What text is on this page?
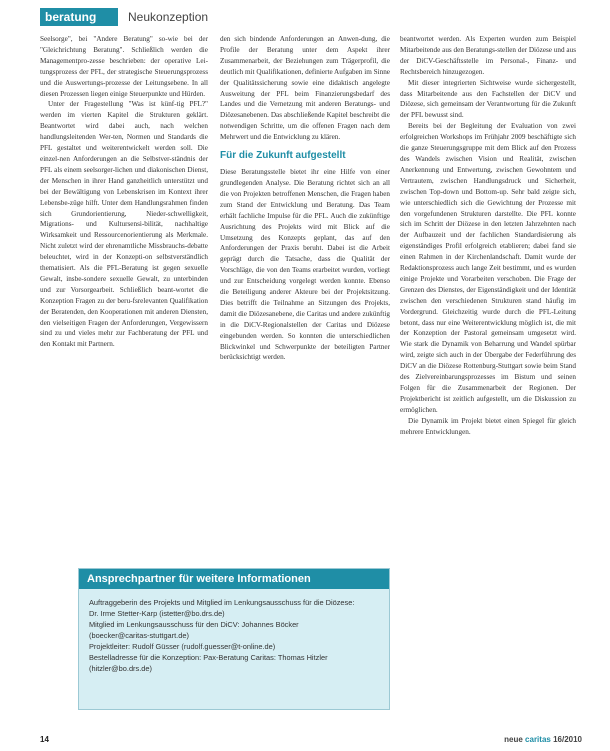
beratung	Neukonzeption

Seelsorge", bei "Andere Beratung" so-wie bei der "Gleichrichtung Beratung". Schließlich werden die Managementpro-zesse beschrieben: der operative Lei-tungsprozess der PFL, der strategische Steuerungsprozess und die Auswertungs-prozesse der Leitungsebene. In all diesen Prozessen liegen einige Steuerpunkte und Hürden.

Unter der Fragestellung "Was ist künf-tig PFL?" werden im vierten Kapitel die Strukturen geklärt. Beantwortet wird dabei auch, nach welchen handlungsleitenden Wer-ten, Normen und Standards die PFL gestaltet und weiterentwickelt werden soll. Die einzel-nen Anforderungen an die Selbstver-ständnis der PFL als einem seelsorger-lichen und diakonischen Dienst, der Menschen in ihrer Hand ganzheitlich unterstützt und bei der Bewältigung von Lebenskrisen im Kontext ihrer Lebensbe-züge hilft. Unter dem Handlungsrahmen finden sich Grundorientierung, Nieder-schwelligkeit, Migrations- und Kultursensi-bilität, nachhaltige Wirksamkeit und Ressourcenorientierung als Merkmale. Nicht zuletzt wird der ehrenamtliche Missbrauchs-debatte beleuchtet, wird in der Konzepti-on selbstverständlich thematisiert. Als die PFL-Beratung ist gegen sexuelle Gewalt, insbe-sondere sexuelle Gewalt, zu unterbinden und zur Vorsorgearbeit. Schließlich beant-wortet die Konzeption Fragen zu der beru-fsrelevanten Qualifikation der Beratenden, den Kooperationen mit anderen Diensten, den vielseitigen Fragen der Anforderungen, Vergewissern sind zu und vieles mehr zur Fachberatung der PFL und den Kontakt mit Partnern.

den sich bindende Anforderungen an Anwen-dung, die Profile der Beratung unter dem Aspekt ihrer Zusammenarbeit, der Beziehungen zum Trägerprofil, die deutlich mit Qualifikationen, definierte Aufgaben im Sinne der Qualitätssicherung sowie eine didaktisch angelegte Ausweitung der PFL beim Finanzierungsbedarf des Landes und die Vernetzung mit anderen Beratungs- und Diözesanebenen. Das abschließende Kapitel beschreibt die notwendigen Schritte, um die offenen Fragen nach dem Mehrwert und die Entwicklung zu klären.

Für die Zukunft aufgestellt

Diese Beratungsstelle bietet ihr eine Hilfe von einer grundlegenden Analyse. Die Beratung richtet sich an all die von Projekten betroffenen Menschen, die Fragen haben zum Stand der Entwicklung und Beratung. Das Team erhält fachliche Impulse für die PFL. Auch die zukünftige Ausrichtung des Projekts wird mit Blick auf die Umsetzung des Konzepts geplant, das auf den Anforderungen der Praxis beruht. Dabei ist die Arbeit geprägt durch die Tatsache, dass die Qualität der Vorschläge, die von den Teams erarbeitet wurden, vorliegt und zur Entscheidung vorgelegt werden konnte. Ebenso die Beteiligung anderer Akteure bei der Projektsitzung. Dies betrifft die Teilnahme an Sitzungen des Projekts, damit die Diözesanebene, die Caritas und andere zukünftig in die DiCV-Regionalstellen der Caritas und Diözese eingebunden werden. So konnten die unterschiedlichen Blickwinkel und Schwerpunkte der beteiligten Partner berücksichtigt werden.

beantwortet werden. Als Experten wurden zum Beispiel Mitarbeitende aus den Beratungs-stellen der Diözese und aus der DiCV-Geschäftsstelle im Personal-, Finanz- und Rechtsbereich hinzugezogen.

Mit dieser integrierten Sichtweise wurde sichergestellt, dass Mitarbeitende aus den Fachstellen der DiCV und Diözese, sich gemeinsam der Verantwortung für die Zukunft der PFL bewusst sind.

Bereits bei der Begleitung der Evaluation von zwei erfolgreichen Workshops im Frühjahr 2009 beschäftigte sich die ganze Steuerungsgruppe mit dem Blick auf den Prozess des Wandels zwischen Vision und Realität, zwischen Anerkennung und Entwertung, zwischen Gewohntem und Vertrautem, zwischen Handlungsdruck und Sicherheit, zwischen Top-down und Bottom-up. Sehr bald zeigte sich, wie unterschiedlich sich die Gewichtung der Prozesse mit den vorgefundenen Strukturen darstellte. Die PFL konnte sich im Schritt der Diözese in den letzten Jahrzehnten nach der Aufbauzeit und der fachlichen Standardisierung als eigenständiges Profil erfolgreich etablieren; dabei fand sie einen Rahmen in der Kirchenlandschaft. Damit wurde der Redaktionsprozess auch lange Zeit bestimmt, und es wurden einige Projekte und Vorarbeiten verschoben. Die Frage der Grenzen des Dienstes, der Eigenständigkeit und der Identität zwischen den verschiedenen Strukturen stand häufig im Vordergrund. Gleichzeitig wurde durch die PFL-Leitung betont, dass nur eine Weiterentwicklung möglich ist, die mit der Konzeption der Pastoral gemeinsam umgesetzt wird. Wie stark die Dynamik von Beharrung und Wandel spürbar wird, zeigte sich auch in der Übergabe der Federführung des DiCV an die Diözese Rottenburg-Stuttgart sowie beim Stand des Zielvereinbarungsprozesses im Bistum und seinen Folgen für die Zusammenarbeit der Regionen. Der Projektbericht ist zeitlich aufgestellt, um die Diskussion zu ermöglichen.

Die Dynamik im Projekt bietet einen Spiegel für gleich mehrere Entwicklungen.

Ansprechpartner für weitere Informationen
Auftraggeberin des Projekts und Mitglied im Lenkungsausschuss für die Diözese:
Dr. Irme Stetter-Karp (istetter@bo.drs.de)
Mitglied im Lenkungsausschuss für den DiCV: Johannes Böcker
(boecker@caritas-stuttgart.de)
Projektleiter: Rudolf Güsser (rudolf.guesser@t-online.de)
Bestelladresse für die Konzeption: Pax-Beratung Caritas: Thomas Hitzler
(hitzler@bo.drs.de)
14	neue caritas 16/2010
